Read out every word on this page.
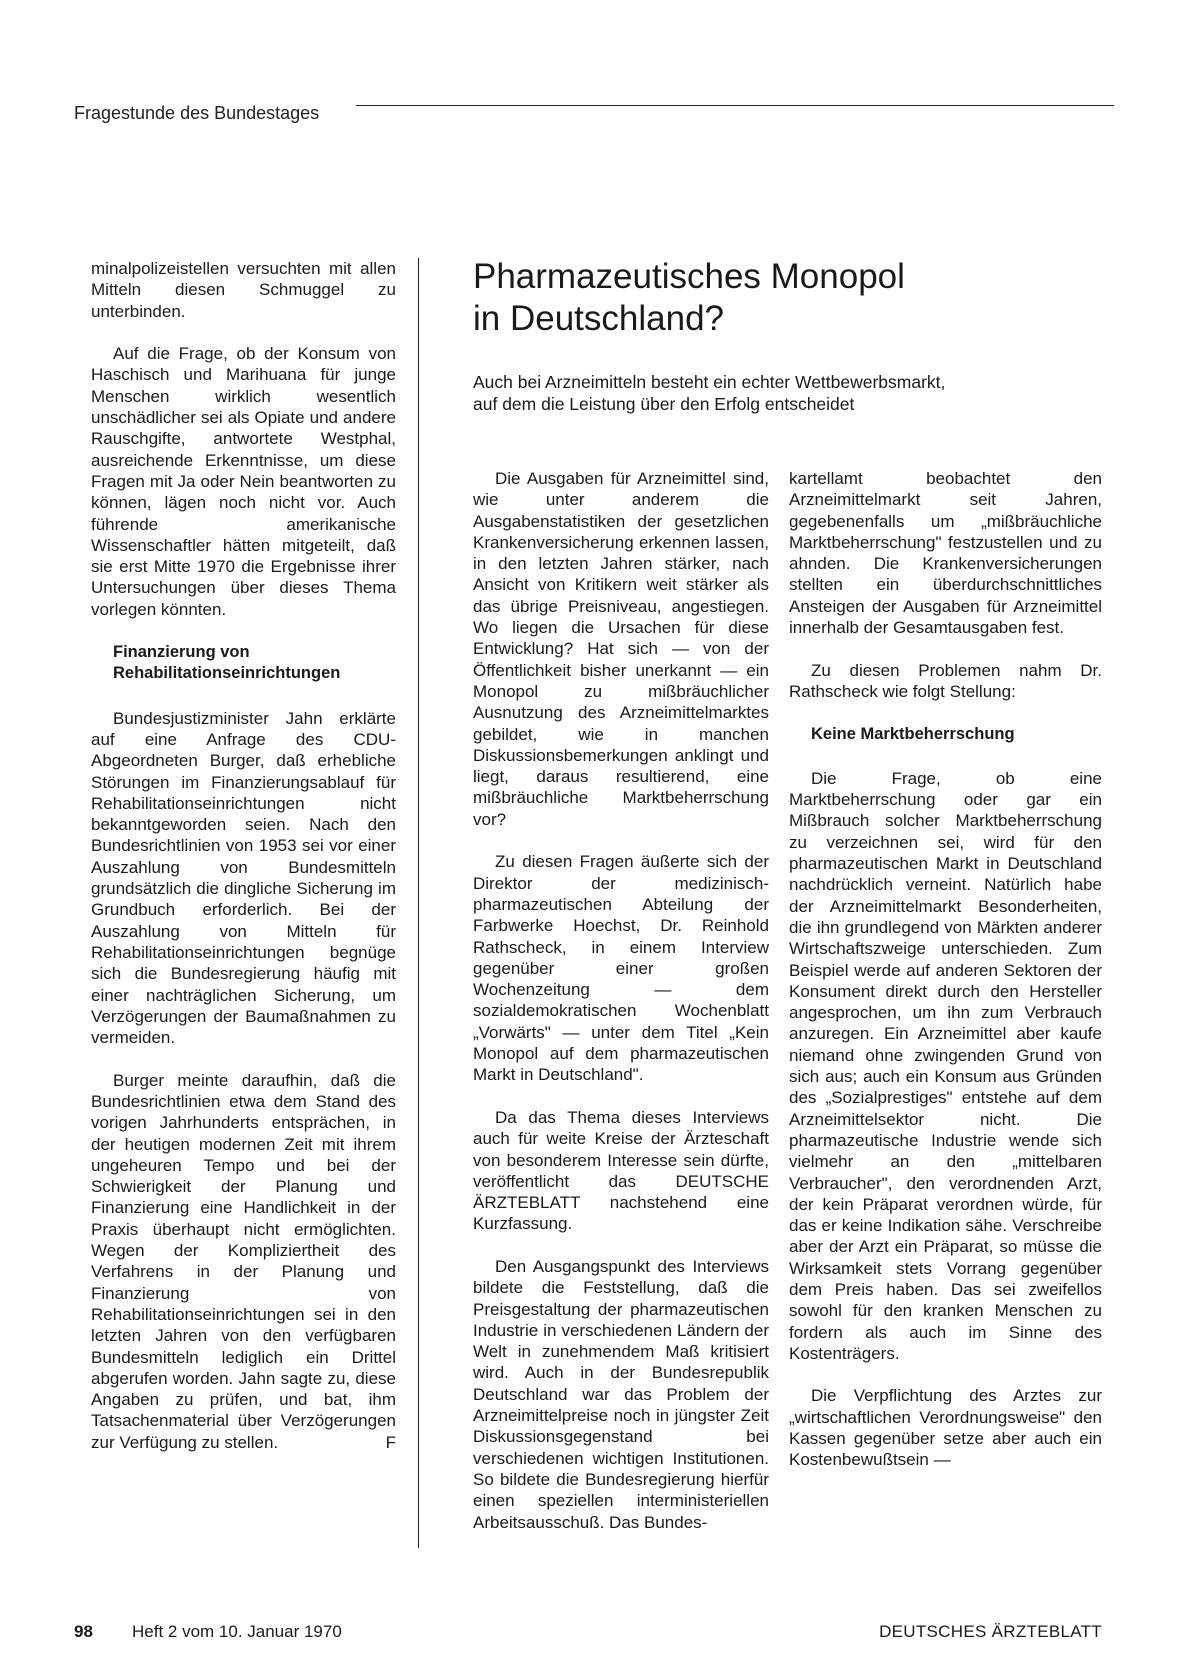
Fragestunde des Bundestages

minalpolizeistellen versuchten mit allen Mitteln diesen Schmuggel zu unterbinden.

Auf die Frage, ob der Konsum von Haschisch und Marihuana für junge Menschen wirklich wesentlich unschädlicher sei als Opiate und andere Rauschgifte, antwortete Westphal, ausreichende Erkenntnisse, um diese Fragen mit Ja oder Nein beantworten zu können, lägen noch nicht vor. Auch führende amerikanische Wissenschaftler hätten mitgeteilt, daß sie erst Mitte 1970 die Ergebnisse ihrer Untersuchungen über dieses Thema vorlegen könnten.

Finanzierung von
Rehabilitationseinrichtungen

Bundesjustizminister Jahn erklärte auf eine Anfrage des CDU-Abgeordneten Burger, daß erhebliche Störungen im Finanzierungsablauf für Rehabilitationseinrichtungen nicht bekanntgeworden seien. Nach den Bundesrichtlinien von 1953 sei vor einer Auszahlung von Bundesmitteln grundsätzlich die dingliche Sicherung im Grundbuch erforderlich. Bei der Auszahlung von Mitteln für Rehabilitationseinrichtungen begnüge sich die Bundesregierung häufig mit einer nachträglichen Sicherung, um Verzögerungen der Baumaßnahmen zu vermeiden.

Burger meinte daraufhin, daß die Bundesrichtlinien etwa dem Stand des vorigen Jahrhunderts entsprächen, in der heutigen modernen Zeit mit ihrem ungeheuren Tempo und bei der Schwierigkeit der Planung und Finanzierung eine Handlichkeit in der Praxis überhaupt nicht ermöglichten. Wegen der Kompliziertheit des Verfahrens in der Planung und Finanzierung von Rehabilitationseinrichtungen sei in den letzten Jahren von den verfügbaren Bundesmitteln lediglich ein Drittel abgerufen worden. Jahn sagte zu, diese Angaben zu prüfen, und bat, ihm Tatsachenmaterial über Verzögerungen zur Verfügung zu stellen.	F

Pharmazeutisches Monopol
in Deutschland?

Auch bei Arzneimitteln besteht ein echter Wettbewerbsmarkt,
auf dem die Leistung über den Erfolg entscheidet

Die Ausgaben für Arzneimittel sind, wie unter anderem die Ausgabenstatistiken der gesetzlichen Krankenversicherung erkennen lassen, in den letzten Jahren stärker, nach Ansicht von Kritikern weit stärker als das übrige Preisniveau, angestiegen. Wo liegen die Ursachen für diese Entwicklung? Hat sich — von der Öffentlichkeit bisher unerkannt — ein Monopol zu mißbräuchlicher Ausnutzung des Arzneimittelmarktes gebildet, wie in manchen Diskussionsbemerkungen anklingt und liegt, daraus resultierend, eine mißbräuchliche Marktbeherrschung vor?

Zu diesen Fragen äußerte sich der Direktor der medizinisch-pharmazeutischen Abteilung der Farbwerke Hoechst, Dr. Reinhold Rathscheck, in einem Interview gegenüber einer großen Wochenzeitung — dem sozialdemokratischen Wochenblatt „Vorwärts" — unter dem Titel „Kein Monopol auf dem pharmazeutischen Markt in Deutschland".

Da das Thema dieses Interviews auch für weite Kreise der Ärzteschaft von besonderem Interesse sein dürfte, veröffentlicht das DEUTSCHE ÄRZTEBLATT nachstehend eine Kurzfassung.

Den Ausgangspunkt des Interviews bildete die Feststellung, daß die Preisgestaltung der pharmazeutischen Industrie in verschiedenen Ländern der Welt in zunehmendem Maß kritisiert wird. Auch in der Bundesrepublik Deutschland war das Problem der Arzneimittelpreise noch in jüngster Zeit Diskussionsgegenstand bei verschiedenen wichtigen Institutionen. So bildete die Bundesregierung hierfür einen speziellen interministeriellen Arbeitsausschuß. Das Bundes-

kartellamt beobachtet den Arzneimittelmarkt seit Jahren, gegebenenfalls um „mißbräuchliche Marktbeherrschung" festzustellen und zu ahnden. Die Krankenversicherungen stellten ein überdurchschnittliches Ansteigen der Ausgaben für Arzneimittel innerhalb der Gesamtausgaben fest.

Zu diesen Problemen nahm Dr. Rathscheck wie folgt Stellung:

Keine Marktbeherrschung

Die Frage, ob eine Marktbeherrschung oder gar ein Mißbrauch solcher Marktbeherrschung zu verzeichnen sei, wird für den pharmazeutischen Markt in Deutschland nachdrücklich verneint. Natürlich habe der Arzneimittelmarkt Besonderheiten, die ihn grundlegend von Märkten anderer Wirtschaftszweige unterschieden. Zum Beispiel werde auf anderen Sektoren der Konsument direkt durch den Hersteller angesprochen, um ihn zum Verbrauch anzuregen. Ein Arzneimittel aber kaufe niemand ohne zwingenden Grund von sich aus; auch ein Konsum aus Gründen des „Sozialprestiges" entstehe auf dem Arzneimittelsektor nicht. Die pharmazeutische Industrie wende sich vielmehr an den „mittelbaren Verbraucher", den verordnenden Arzt, der kein Präparat verordnen würde, für das er keine Indikation sähe. Verschreibe aber der Arzt ein Präparat, so müsse die Wirksamkeit stets Vorrang gegenüber dem Preis haben. Das sei zweifellos sowohl für den kranken Menschen zu fordern als auch im Sinne des Kostenträgers.

Die Verpflichtung des Arztes zur „wirtschaftlichen Verordnungsweise" den Kassen gegenüber setze aber auch ein Kostenbewußtsein —

98 Heft 2 vom 10. Januar 1970	DEUTSCHES ÄRZTEBLATT
